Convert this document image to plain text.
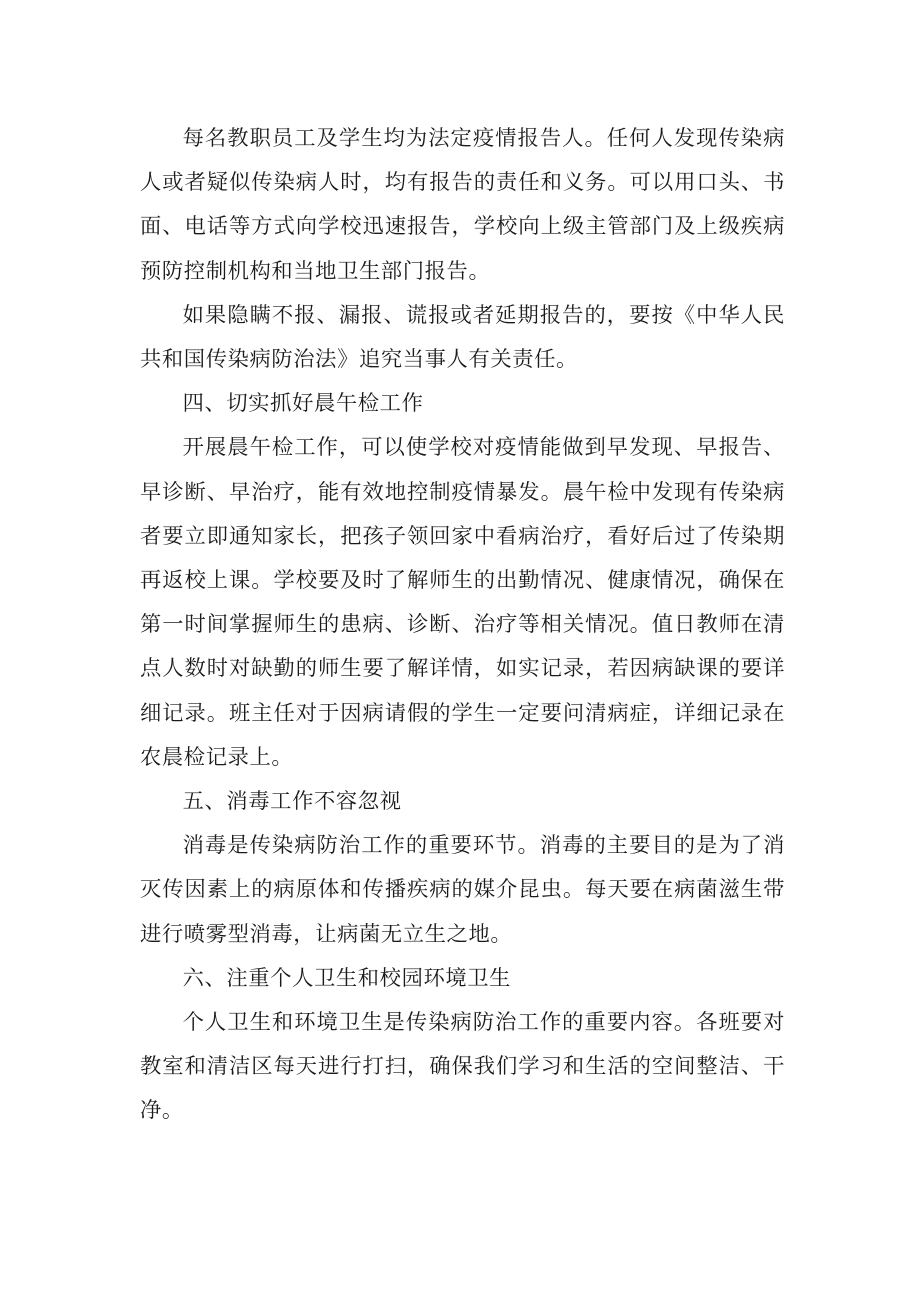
每名教职员工及学生均为法定疫情报告人。任何人发现传染病人或者疑似传染病人时，均有报告的责任和义务。可以用口头、书面、电话等方式向学校迅速报告，学校向上级主管部门及上级疾病预防控制机构和当地卫生部门报告。

如果隐瞒不报、漏报、谎报或者延期报告的，要按《中华人民共和国传染病防治法》追究当事人有关责任。

四、切实抓好晨午检工作

开展晨午检工作，可以使学校对疫情能做到早发现、早报告、早诊断、早治疗，能有效地控制疫情暴发。晨午检中发现有传染病者要立即通知家长，把孩子领回家中看病治疗，看好后过了传染期再返校上课。学校要及时了解师生的出勤情况、健康情况，确保在第一时间掌握师生的患病、诊断、治疗等相关情况。值日教师在清点人数时对缺勤的师生要了解详情，如实记录，若因病缺课的要详细记录。班主任对于因病请假的学生一定要问清病症，详细记录在农晨检记录上。

五、消毒工作不容忽视

消毒是传染病防治工作的重要环节。消毒的主要目的是为了消灭传因素上的病原体和传播疾病的媒介昆虫。每天要在病菌滋生带进行喷雾型消毒，让病菌无立生之地。

六、注重个人卫生和校园环境卫生

个人卫生和环境卫生是传染病防治工作的重要内容。各班要对教室和清洁区每天进行打扫，确保我们学习和生活的空间整洁、干净。
